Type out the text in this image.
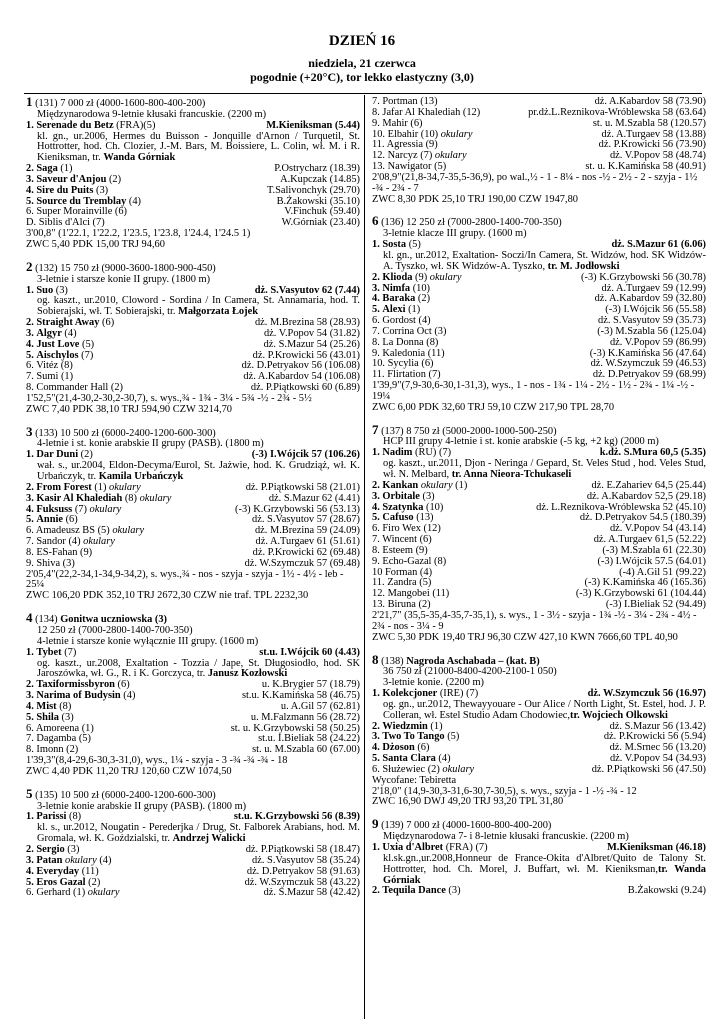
DZIEŃ 16
niedziela, 21 czerwca
pogodnie (+20°C), tor lekko elastyczny (3,0)
1 (131) 7 000 zł (4000-1600-800-400-200)
Międzynarodowa 9-letnie kłusaki francuskie. (2200 m)
1. Serenade du Betz (FRA)(5)	M.Kieniksman (5.44)
kl. gn., ur.2006, Hermes du Buisson - Jonquille d'Arnon / Turquetil, St. Hottrotter, hod. Ch. Clozier, J.-M. Bars, M. Boissiere, L. Colin, wł. M. i R. Kieniksman, tr. Wanda Górniak
2. Saga (1)	P.Ostrycharz (18.39)
3. Saveur d'Anjou (2)	A.Kupczak (14.85)
4. Sire du Puits (3)	T.Salivonchyk (29.70)
5. Source du Tremblay (4)	B.Żakowski (35.10)
6. Super Morainville (6)	V.Finchuk (59.40)
D. Siblis d'Alci (7)	W.Górniak (23.40)
3'00,8" (1'22.1, 1'22.2, 1'23.5, 1'23.8, 1'24.4, 1'24.5 1)
ZWC 5,40 PDK 15,00 TRJ 94,60
2 (132) 15 750 zł (9000-3600-1800-900-450)
3-letnie i starsze konie II grupy. (1800 m)
1. Suo (3)	dż. S.Vasyutov 62 (7.44)
og. kaszt., ur.2010, Cloword - Sordina / In Camera, St. Annamaria, hod. T. Sobierajski, wł. T. Sobierajski, tr. Małgorzata Łojek
2. Straight Away (6)	dż. M.Brezina 58 (28.93)
3. Algyr (4)	dż. V.Popov 54 (31.82)
4. Just Love (5)	dż. S.Mazur 54 (25.26)
5. Aischylos (7)	dż. P.Krowicki 56 (43.01)
6. Vitéz (8)	dż. D.Petryakov 56 (106.08)
7. Sumi (1)	dż. A.Kabardov 54 (106.08)
8. Commander Hall (2)	dż. P.Piątkowski 60 (6.89)
1'52,5"(21,4-30,2-30,2-30,7), s. wys.,¾ - 1¾ - 3¼ - 5¾ -½ - 2¾ - 5½
ZWC 7,40 PDK 38,10 TRJ 594,90 CZW 3214,70
3 (133) 10 500 zł (6000-2400-1200-600-300)
4-letnie i st. konie arabskie II grupy (PASB). (1800 m)
1. Dar Duni (2)	(-3) I.Wójcik 57 (106.26)
wał. s., ur.2004, Eldon-Decyma/Eurol, St. Jażwie, hod. K. Grudziąż, wł. K. Urbańczyk, tr. Kamila Urbańczyk
2. From Forest (1) okulary	dż. P.Piątkowski 58 (21.01)
3. Kasir Al Khalediah (8) okulary	dż. S.Mazur 62 (4.41)
4. Fuksuss (7) okulary	(-3) K.Grzybowski 56 (53.13)
5. Annie (6)	dż. S.Vasyutov 57 (28.67)
6. Amadeusz BS (5) okulary	dż. M.Brezina 59 (24.09)
7. Sandor (4) okulary	dż. A.Turgaev 61 (51.61)
8. ES-Fahan (9)	dż. P.Krowicki 62 (69.48)
9. Shiva (3)	dż. W.Szymczuk 57 (69.48)
2'05,4"(22,2-34,1-34,9-34,2), s. wys.,¾ - nos - szyja - szyja - 1½ - 4½ - leb - 25¼
ZWC 106,20 PDK 352,10 TRJ 2672,30 CZW nie traf. TPL 2232,30
4 (134) Gonitwa uczniowska (3)
12 250 zł (7000-2800-1400-700-350)
4-letnie i starsze konie wyłącznie III grupy. (1600 m)
1. Tybet (7)	st.u. I.Wójcik 60 (4.43)
og. kaszt., ur.2008, Exaltation - Tozzia / Jape, St. Długosiodło, hod. SK Jaroszówka, wł. G., R. i K. Gorczyca, tr. Janusz Kozłowski
2. Taxiformissbyron (6)	u. K.Brygier 57 (18.79)
3. Narima of Budysin (4)	st.u. K.Kamińska 58 (46.75)
4. Mist (8)	u. A.Gil 57 (62.81)
5. Shila (3)	u. M.Falzmann 56 (28.72)
6. Amoreena (1)	st. u. K.Grzybowski 58 (50.25)
7. Dagamba (5)	st.u. I.Bieliak 58 (24.22)
8. Imonn (2)	st. u. M.Szabla 60 (67.00)
1'39,3"(8,4-29,6-30,3-31,0), wys., 1¼ - szyja - 3 -¾ -¾ -¾ - 18
ZWC 4,40 PDK 11,20 TRJ 120,60 CZW 1074,50
5 (135) 10 500 zł (6000-2400-1200-600-300)
3-letnie konie arabskie II grupy (PASB). (1800 m)
1. Parissi (8)	st.u. K.Grzybowski 56 (8.39)
kl. s., ur.2012, Nougatin - Perederjka / Drug, St. Falborek Arabians, hod. M. Gromala, wł. K. Goździalski, tr. Andrzej Walicki
2. Sergio (3)	dż. P.Piątkowski 58 (18.47)
3. Patan okulary (4)	dż. S.Vasyutov 58 (35.24)
4. Everyday (11)	dż. D.Petryakov 58 (91.63)
5. Eros Gazal (2)	dż. W.Szymczuk 58 (43.22)
6. Gerhard (1) okulary	dż. S.Mazur 58 (42.42)
7. Portman (13)	dż. A.Kabardov 58 (73.90)
8. Jafar Al Khalediah (12)	pr.dż.L.Reznikova-Wróblewska 58 (63.64)
9. Mahir (6)	st. u. M.Szabla 58 (120.57)
10. Elbahir (10) okulary	dż. A.Turgaev 58 (13.88)
11. Agressia (9)	dż. P.Krowicki 56 (73.90)
12. Narcyz (7) okulary	dż. V.Popov 58 (48.74)
13. Nawigator (5)	st. u. K.Kamińska 58 (40.91)
2'08,9"(21,8-34,7-35,5-36,9), po wal.,½ - 1 - 8¼ - nos -½ - 2½ - 2 - szyja - 1½ -¾ - 2¾ - 7
ZWC 8,30 PDK 25,10 TRJ 190,00 CZW 1947,80
6 (136) 12 250 zł (7000-2800-1400-700-350)
3-letnie klacze III grupy. (1600 m)
1. Sosta (5)	dż. S.Mazur 61 (6.06)
kl. gn., ur.2012, Exaltation- Soczi/In Camera, St. Widzów, hod. SK Widzów-A. Tyszko, wł. SK Widzów-A. Tyszko, tr. M. Jodłowski
2. Klioda (9) okulary	(-3) K.Grzybowski 56 (30.78)
3. Nimfa (10)	dż. A.Turgaev 59 (12.99)
4. Baraka (2)	dż. A.Kabardov 59 (32.80)
5. Alexi (1)	(-3) I.Wójcik 56 (55.58)
6. Gordost (4)	dż. S.Vasyutov 59 (35.73)
7. Corrina Oct (3)	(-3) M.Szabla 56 (125.04)
8. La Donna (8)	dż. V.Popov 59 (86.99)
9. Kaledonia (11)	(-3) K.Kamińska 56 (47.64)
10. Sycylia (6)	dż. W.Szymczuk 59 (46.53)
11. Flirtation (7)	dż. D.Petryakov 59 (68.99)
1'39,9"(7,9-30,6-30,1-31,3), wys., 1 - nos - 1¾ - 1¼ - 2½ - 1½ - 2¾ - 1¼ -½ - 19¼
ZWC 6,00 PDK 32,60 TRJ 59,10 CZW 217,90 TPL 28,70
7 (137) 8 750 zł (5000-2000-1000-500-250)
HCP III grupy 4-letnie i st. konie arabskie (-5 kg, +2 kg) (2000 m)
1. Nadim (RU) (7)	k.dż. S.Mura 60,5 (5.35)
og. kaszt., ur.2011, Djon - Neringa / Gepard, St. Veles Stud , hod. Veles Stud, wł. N. Melbard, tr. Anna Nieora-Tchukaseli
2. Kankan okulary (1)	dż. E.Zahariev 64,5 (25.44)
3. Orbitale (3)	dż. A.Kabardov 52,5 (29.18)
4. Szatynka (10)	dż. L.Reznikova-Wróblewska 52 (45.10)
5. Cafuso (13)	dż. D.Petryakov 54.5 (180.39)
6. Firo Wex (12)	dż. V.Popov 54 (43.14)
7. Wincent (6)	dż. A.Turgaev 61,5 (52.22)
8. Esteem (9)	(-3) M.Szabla 61 (22.30)
9. Echo-Gazal (8)	(-3) I.Wójcik 57.5 (64.01)
10 Forman (4)	(-4) A.Gil 51 (99.22)
11. Zandra (5)	(-3) K.Kamińska 46 (165.36)
12. Mangobei (11)	(-3) K.Grzybowski 61 (104.44)
13. Biruna (2)	(-3) I.Bieliak 52 (94.49)
2'21,7" (35,5-35,4-35,7-35,1), s. wys., 1 - 3½ - szyja - 1¾ -½ - 3¼ - 2¾ - 4½ - 2¾ - nos - 3¼ - 9
ZWC 5,30 PDK 19,40 TRJ 96,30 CZW 427,10 KWN 7666,60 TPL 40,90
8 (138) Nagroda Aschabada – (kat. B)
36 750 zł (21000-8400-4200-2100-1 050)
3-letnie konie. (2200 m)
1. Kolekcjoner (IRE) (7)	dż. W.Szymczuk 56 (16.97)
og. gn., ur.2012, Thewayyouare - Our Alice / North Light, St. Estel, hod. J. P. Colleran, wł. Estel Studio Adam Chodowiec,tr. Wojciech Olkowski
2. Wiedzmin (1)	dż. S.Mazur 56 (13.42)
3. Two To Tango (5)	dż. P.Krowicki 56 (5.94)
4. Dżoson (6)	dż. M.Srnec 56 (13.20)
5. Santa Clara (4)	dż. V.Popov 54 (34.93)
6. Służewiec (2) okulary	dż. P.Piątkowski 56 (47.50)
Wycofane: Tebiretta
2'18,0" (14,9-30,3-31,6-30,7-30,5), s. wys., szyja - 1 -½ -¾ - 12
ZWC 16,90 DWJ 49,20 TRJ 93,20 TPL 31,80
9 (139) 7 000 zł (4000-1600-800-400-200)
Międzynarodowa 7- i 8-letnie kłusaki francuskie. (2200 m)
1. Uxia d'Albret (FRA) (7)	M.Kieniksman (46.18)
kl.sk.gn.,ur.2008,Honneur de France-Okita d'Albret/Quito de Talony St. Hottrotter, hod. Ch. Morel, J. Buffart, wł. M. Kieniksman,tr. Wanda Górniak
2. Tequila Dance (3)	B.Żakowski (9.24)
